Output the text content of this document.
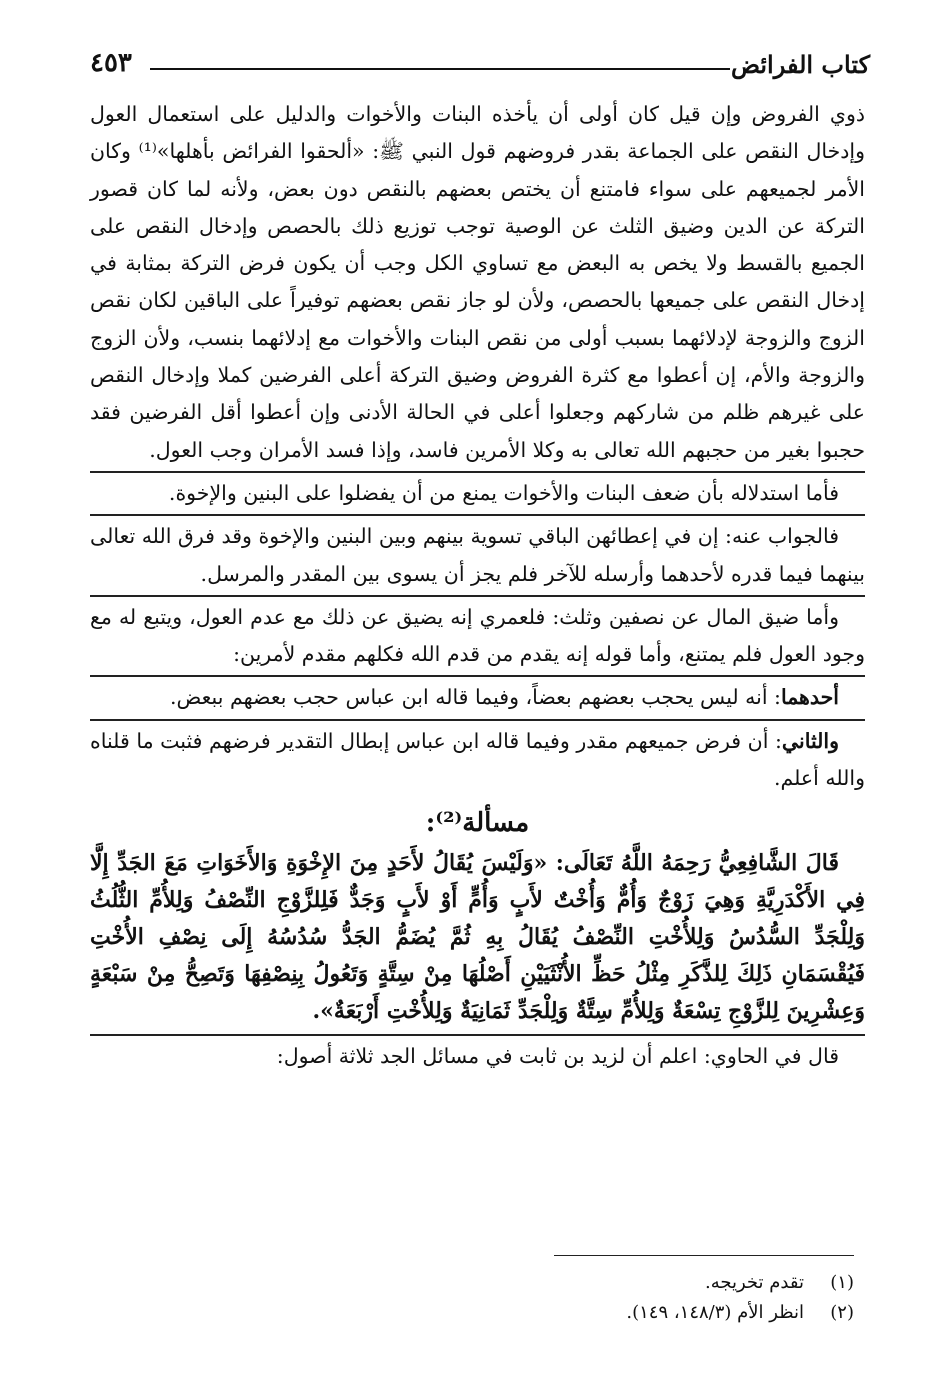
كتاب الفرائض
٤٥٣

ذوي الفروض وإن قيل كان أولى أن يأخذه البنات والأخوات والدليل على استعمال العول وإدخال النقص على الجماعة بقدر فروضهم قول النبي ﷺ: «ألحقوا الفرائض بأهلها»⁽¹⁾ وكان الأمر لجميعهم على سواء فامتنع أن يختص بعضهم بالنقص دون بعض، ولأنه لما كان قصور التركة عن الدين وضيق الثلث عن الوصية توجب توزيع ذلك بالحصص وإدخال النقص على الجميع بالقسط ولا يخص به البعض مع تساوي الكل وجب أن يكون فرض التركة بمثابة في إدخال النقص على جميعها بالحصص، ولأن لو جاز نقص بعضهم توفيراً على الباقين لكان نقص الزوج والزوجة لإدلائهما بسبب أولى من نقص البنات والأخوات مع إدلائهما بنسب، ولأن الزوج والزوجة والأم، إن أعطوا مع كثرة الفروض وضيق التركة أعلى الفرضين كملا وإدخال النقص على غيرهم ظلم من شاركهم وجعلوا أعلى في الحالة الأدنى وإن أعطوا أقل الفرضين فقد حجبوا بغير من حجبهم الله تعالى به وكلا الأمرين فاسد، وإذا فسد الأمران وجب العول.

فأما استدلاله بأن ضعف البنات والأخوات يمنع من أن يفضلوا على البنين والإخوة.

فالجواب عنه: إن في إعطائهن الباقي تسوية بينهم وبين البنين والإخوة وقد فرق الله تعالى بينهما فيما قدره لأحدهما وأرسله للآخر فلم يجز أن يسوى بين المقدر والمرسل.

وأما ضيق المال عن نصفين وثلث: فلعمري إنه يضيق عن ذلك مع عدم العول، ويتبع له مع وجود العول فلم يمتنع، وأما قوله إنه يقدم من قدم الله فكلهم مقدم لأمرين:

أحدهما: أنه ليس يحجب بعضهم بعضاً، وفيما قاله ابن عباس حجب بعضهم ببعض.

والثاني: أن فرض جميعهم مقدر وفيما قاله ابن عباس إبطال التقدير فرضهم فثبت ما قلناه والله أعلم.

مسألة⁽²⁾:

قَالَ الشَّافِعِيُّ رَحِمَهُ اللَّهُ تَعَالَى: «وَلَيْسَ يُقَالُ لأَحَدٍ مِنَ الإِخْوَةِ وَالأَخَوَاتِ مَعَ الجَدِّ إِلَّا فِي الأَكْدَرِيَّةِ وَهِيَ زَوْجٌ وَأُمٌّ وَأُخْتٌ لأَبٍ وَأُمٍّ أَوْ لأَبٍ وَجَدٌّ فَلِلزَّوْجِ النِّصْفُ وَلِلأُمِّ الثُّلُثُ وَلِلْجَدِّ السُّدُسُ وَلِلأُخْتِ النِّصْفُ يُقَالُ بِهِ ثُمَّ يُضَمُّ الجَدُّ سُدُسُهُ إِلَى نِصْفِ الأُخْتِ فَيُقْسَمَانِ ذَلِكَ لِلذَّكَرِ مِثْلُ حَظِّ الأُنْثَيَيْنِ أَصْلُهَا مِنْ سِتَّةٍ وَتَعُولُ بِنِصْفِهَا وَتَصِحُّ مِنْ سَبْعَةٍ وَعِشْرِينَ لِلزَّوْجِ تِسْعَةٌ وَلِلأُمِّ سِتَّةٌ وَلِلْجَدِّ ثَمَانِيَةٌ وَلِلأُخْتِ أَرْبَعَةٌ».

قال في الحاوي: اعلم أن لزيد بن ثابت في مسائل الجد ثلاثة أصول:

(١)
تقدم تخريجه.
(٢)
انظر الأم (١٤٨/٣، ١٤٩).
